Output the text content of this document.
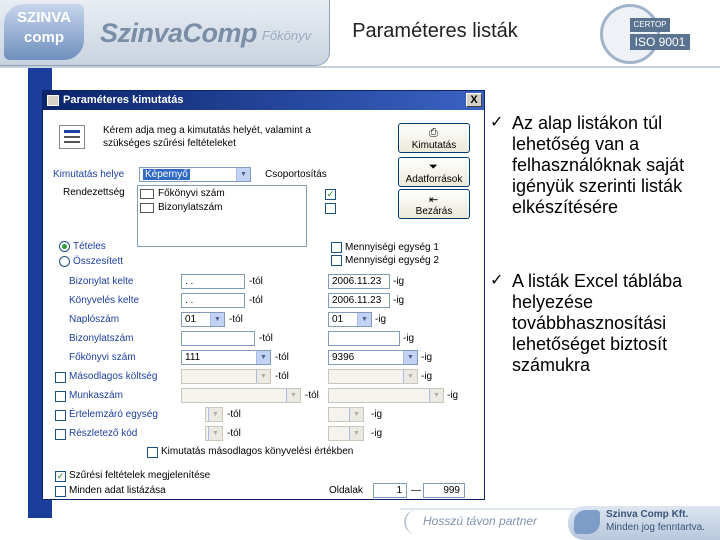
SZINVA comp	SzinvaComp Főkönyv	Paraméteres listák	CERTOP
ISO 9001
Paraméteres kimutatás	X
Kérem adja meg a kimutatás helyét, valamint a szükséges szűrési feltételeket
⎙
Kimutatás
⏷
Adatforrások
⇤
Bezárás
Kimutatás helye	Képernyő	▼	Csoportosítás
Rendezettség	Főkönyvi szám
Bizonylatszám
✓
Tételes
Összesített
Mennyiségi egység 1
Mennyiségi egység 2
Bizonylat kelte	. .	-tól	2006.11.23	-ig
Könyvelés kelte	. .	-tól	2006.11.23	-ig
Naplószám	01	▼ -tól	01	▼ -ig
Bizonylatszám	-tól	-ig
Főkönyvi szám	111	▼ -tól	9396	▼ -ig
Másodlagos költség	▼ -tól	▼ -ig
Munkaszám	▼ -tól	▼ -ig
Értelemzáró egység	▼ -tól	▼	-ig
Részletező kód	▼ -tól	▼	-ig
Kimutatás másodlagos könyvelési értékben
✓ Szűrési feltételek megjelenítése
Minden adat listázása	Oldalak	1 —	999
✓ Az alap listákon túl lehetőség van a felhasználóknak saját igényük szerinti listák elkészítésére
✓ A listák Excel táblába helyezése továbbhasznosítási lehetőséget biztosít számukra
Hosszú távon partner	Szinva Comp Kft.
Minden jog fenntartva.
